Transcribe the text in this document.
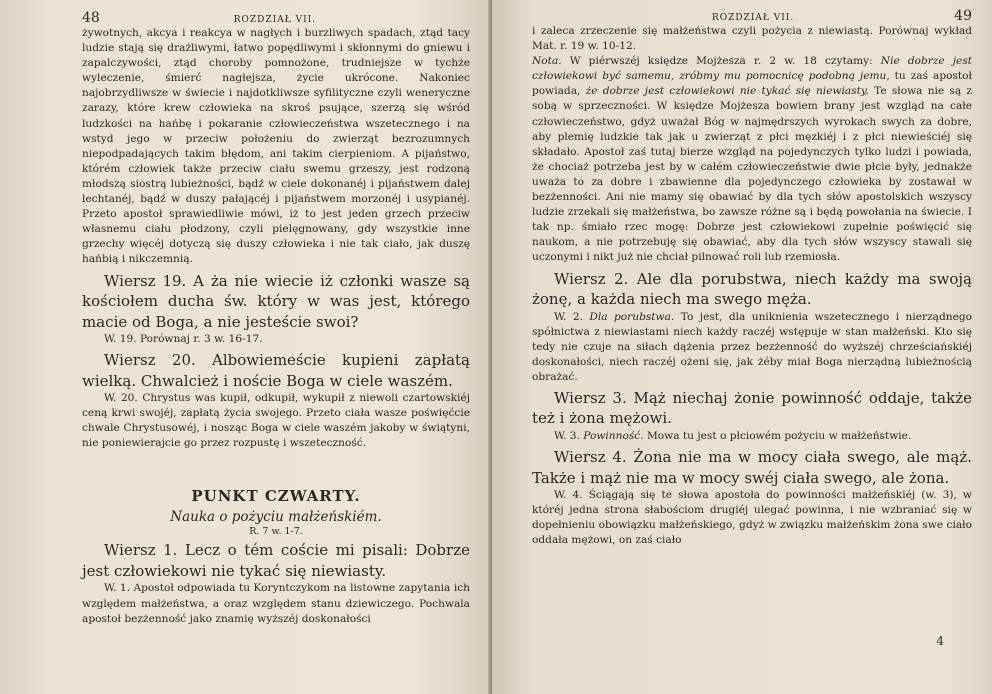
48	ROZDZIAŁ VII.

żywotnych, akcya i reakcya w nagłych i burzliwych spadach, ztąd tacy ludzie stają się drażliwymi, łatwo popędliwymi i skłonnymi do gniewu i zapalczywości, ztąd choroby pomnożone, trudniejsze w tychże wyleczenie, śmierć nagłejsza, życie ukrócone. Nakoniec najobrzydliwsze w świecie i najdotkliwsze syfilityczne czyli weneryczne zarazy, które krew człowieka na skroś psujące, szerzą się wśród ludzkości na hańbę i pokaranie człowieczeństwa wszetecznego i na wstyd jego w przeciw położeniu do zwierząt bezrozumnych niepodpadających takim błędom, ani takim cierpieniom. A pijaństwo, którém człowiek także przeciw ciału swemu grzeszy, jest rodzoną młodszą siostrą lubieżności, bądź w ciele dokonanéj i pijaństwem dalej lechtanéj, bądź w duszy pałającéj i pijaństwem morzonéj i usypianéj. Przeto apostoł sprawiedliwie mówi, iż to jest jeden grzech przeciw własnemu ciału płodzony, czyli pielęgnowany, gdy wszystkie inne grzechy więcéj dotyczą się duszy człowieka i nie tak ciało, jak duszę hańbią i nikczemnią.

Wiersz 19. A ża nie wiecie iż członki wasze są kościołem ducha św. który w was jest, którego macie od Boga, a nie jesteście swoi?

W. 19. Porównaj r. 3 w. 16-17.

Wiersz 20. Albowiemeście kupieni zapłatą wielką. Chwalcież i noście Boga w ciele waszém.

W. 20. Chrystus was kupił, odkupił, wykupił z niewoli czartowskiéj ceną krwi swojéj, zapłatą życia swojego. Przeto ciała wasze poświęćcie chwale Chrystusowéj, i nosząc Boga w ciele waszém jakoby w świątyni, nie poniewierajcie go przez rozpustę i wszeteczność.

PUNKT CZWARTY.
Nauka o pożyciu małżeńskiém.
R. 7 w. 1-7.

Wiersz 1. Lecz o tém coście mi pisali: Dobrze jest człowiekowi nie tykać się niewiasty.

W. 1. Apostoł odpowiada tu Koryntczykom na listowne zapytania ich względem małżeństwa, a oraz względem stanu dziewiczego. Pochwala apostoł bezżenność jako znamię wyższéj doskonałości

ROZDZIAŁ VII.	49

i zaleca zrzeczenie się małżeństwa czyli pożycia z niewiastą. Porównaj wykład Mat. r. 19 w. 10-12.

Nota. W piérwszéj księdze Mojżesza r. 2 w. 18 czytamy: Nie dobrze jest człowiekowi być samemu, zróbmy mu pomocnicę podobną jemu, tu zaś apostoł powiada, że dobrze jest człowiekowi nie tykać się niewiasty. Te słowa nie są z sobą w sprzeczności. W księdze Mojżesza bowiem brany jest wzgląd na całe człowieczeństwo, gdyż uważał Bóg w najmędrszych wyrokach swych za dobre, aby plemię ludzkie tak jak u zwierząt z płci męzkiéj i z płci niewieściéj się składało. Apostoł zaś tutaj bierze wzgląd na pojedynczych tylko ludzi i powiada, że chociaż potrzeba jest by w całém człowieczeństwie dwie płcie były, jednakże uważa to za dobre i zbawienne dla pojedynczego człowieka by zostawał w bezżenności. Ani nie mamy się obawiać by dla tych słów apostolskich wszyscy ludzie zrzekali się małżeństwa, bo zawsze różne są i będą powołania na świecie. I tak np. śmiało rzec mogę: Dobrze jest człowiekowi zupełnie poświęcić się naukom, a nie potrzebuję się obawiać, aby dla tych słów wszyscy stawali się uczonymi i nikt już nie chciał pilnować roli lub rzemiosła.

Wiersz 2. Ale dla porubstwa, niech każdy ma swoją żonę, a każda niech ma swego męża.

W. 2. Dla porubstwa. To jest, dla uniknienia wszetecznego i nierządnego spółnictwa z niewiastami niech każdy raczéj wstępuje w stan małżeński. Kto się tedy nie czuje na siłach dążenia przez bezżenność do wyższéj chrześciańskiéj doskonałości, niech raczéj ożeni się, jak żéby miał Boga nierządną lubieżnością obrażać.

Wiersz 3. Mąż niechaj żonie powinność oddaje, także też i żona mężowi.

W. 3. Powinność. Mowa tu jest o płciowém pożyciu w małżeństwie.

Wiersz 4. Żona nie ma w mocy ciała swego, ale mąż. Także i mąż nie ma w mocy swéj ciała swego, ale żona.

W. 4. Ściągają się te słowa apostoła do powinności małżeńskiéj (w. 3), w któréj jedna strona słabościom drugiéj ulegać powinna, i nie wzbraniać się w dopełnieniu obowiązku małżeńskiego, gdyż w związku małżeńskim żona swe ciało oddała mężowi, on zaś ciało

4
